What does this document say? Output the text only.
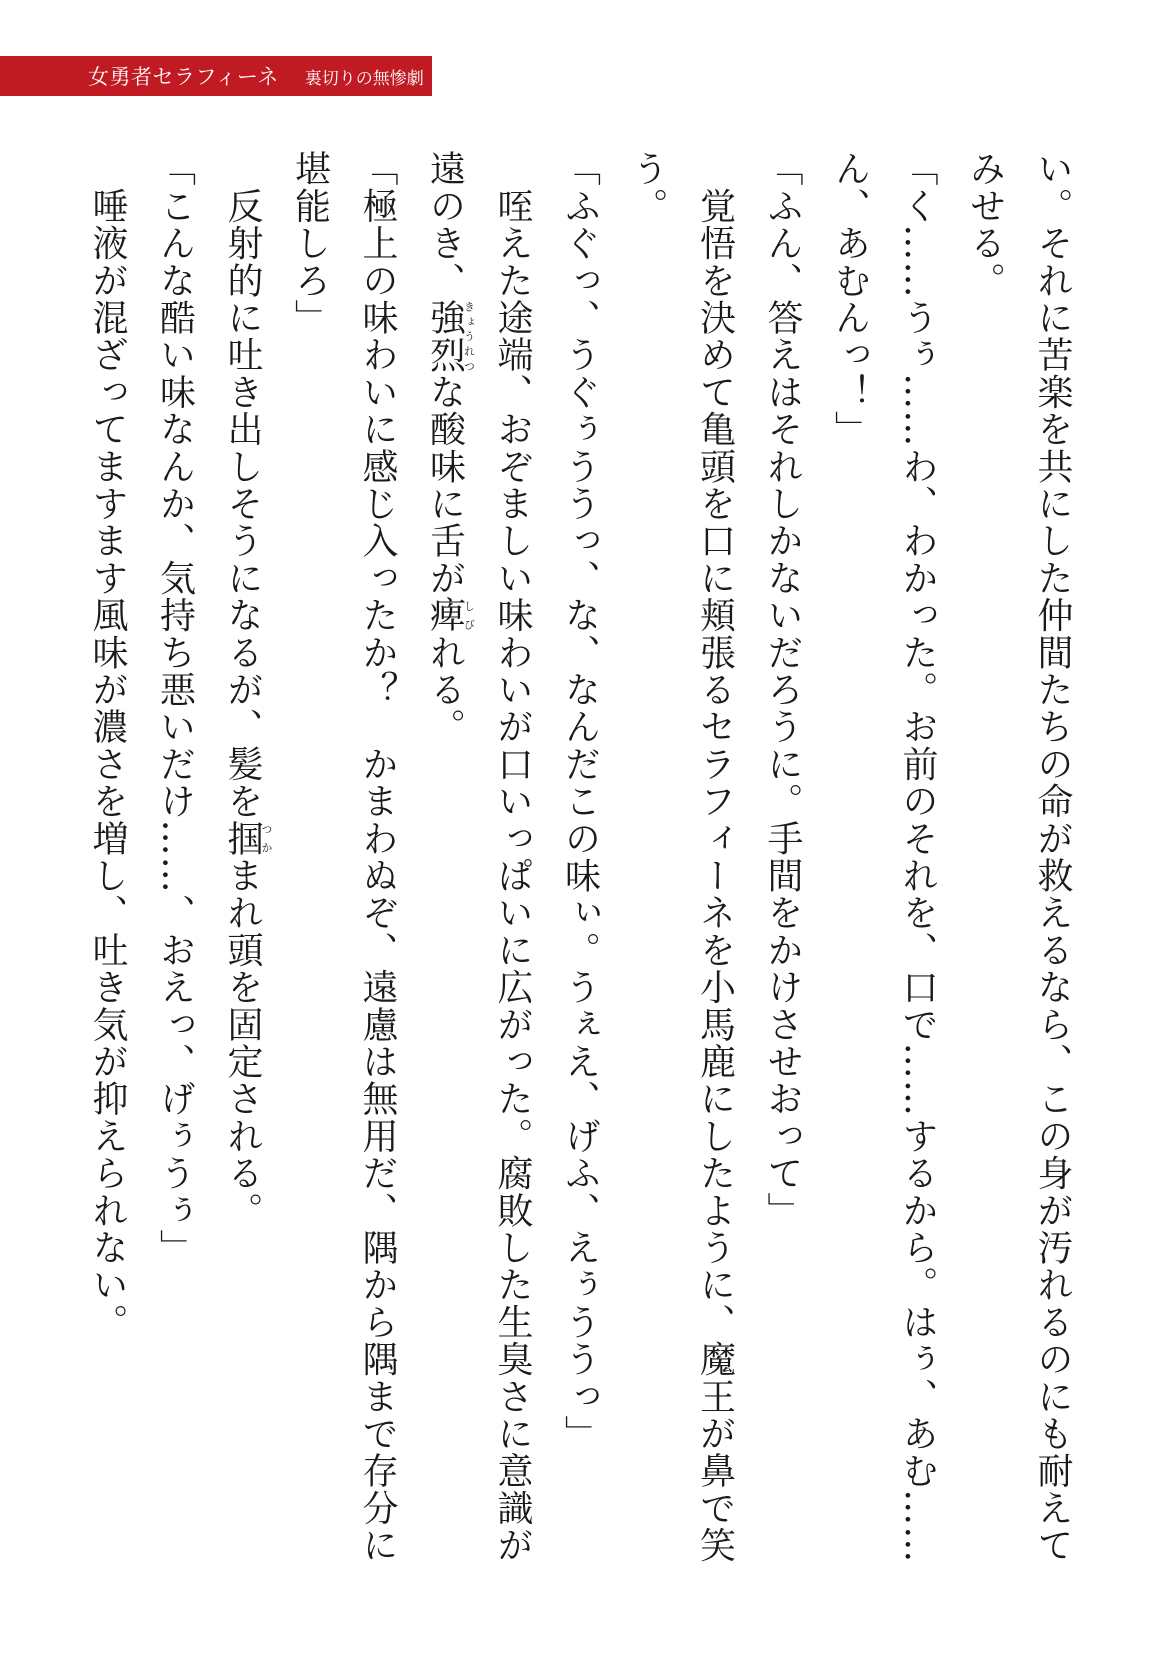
女勇者セラフィーネ 裏切りの無惨劇

い。それに苦楽を共にした仲間たちの命が救えるなら、この身が汚れるのにも耐えてみせる。

「く……うぅ……わ、わかった。お前のそれを、口で……するから。はぅ、あむ……ん、あむんっ！」

「ふん、答えはそれしかないだろうに。手間をかけさせおって」

　覚悟を決めて亀頭を口に頬張るセラフィーネを小馬鹿にしたように、魔王が鼻で笑う。

「ふぐっ、うぐぅううっ、な、なんだこの味ぃ。うぇえ、げふ、えぅううっ」

　咥えた途端、おぞましい味わいが口いっぱいに広がった。腐敗した生臭さに意識が遠のき、強烈きょうれつな酸味に舌が痺しびれる。

「極上の味わいに感じ入ったか？　かまわぬぞ、遠慮は無用だ、隅から隅まで存分に堪能しろ」

　反射的に吐き出しそうになるが、髪を掴つかまれ頭を固定される。

「こんな酷い味なんか、気持ち悪いだけ……、おえっ、げぅうぅ」

　唾液が混ざってますます風味が濃さを増し、吐き気が抑えられない。
